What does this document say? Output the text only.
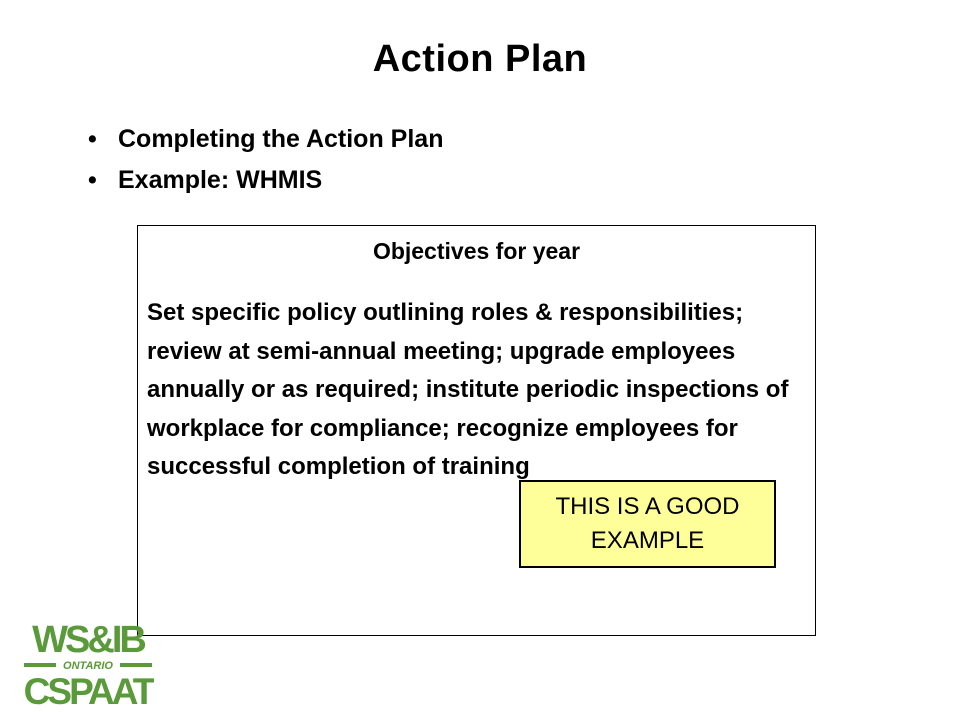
Action Plan
• Completing the Action Plan
• Example: WHMIS
Objectives for year
Set specific policy outlining roles & responsibilities; review at semi-annual meeting; upgrade employees annually or as required; institute periodic inspections of workplace for compliance; recognize employees for successful completion of training
THIS IS A GOOD
EXAMPLE
WS&IB
ONTARIO
CSPAAT
